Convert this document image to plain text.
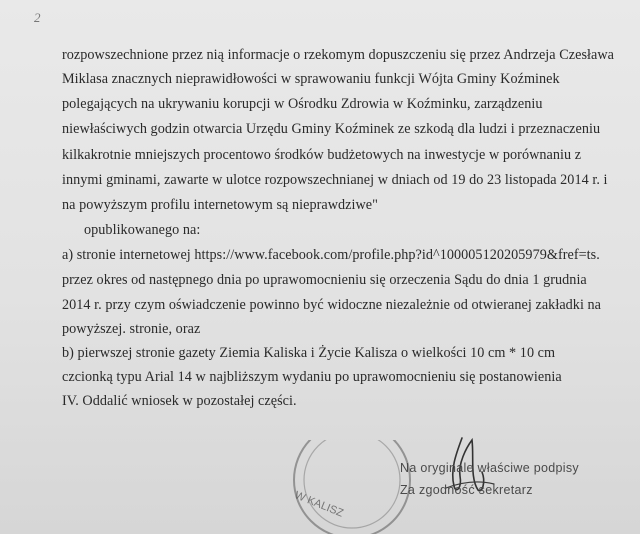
2
rozpowszechnione przez nią informacje o rzekomym dopuszczeniu się przez Andrzeja Czesława
Miklasa znacznych nieprawidłowości w sprawowaniu funkcji Wójta Gminy Koźminek
polegających na ukrywaniu korupcji w Ośrodku Zdrowia w Koźminku, zarządzeniu
niewłaściwych godzin otwarcia Urzędu Gminy Koźminek ze szkodą dla ludzi i przeznaczeniu
kilkakrotnie mniejszych procentowo środków budżetowych na inwestycje w porównaniu z
innymi gminami, zawarte w ulotce rozpowszechnianej w dniach od 19 do 23 listopada 2014 r. i
na powyższym profilu internetowym są nieprawdziwe"
opublikowanego na:
a) stronie internetowej https://www.facebook.com/profile.php?id^100005120205979&fref=ts.
przez okres od następnego dnia po uprawomocnieniu się orzeczenia Sądu do dnia 1 grudnia
2014 r. przy czym oświadczenie powinno być widoczne niezależnie od otwieranej zakładki na
powyższej. stronie, oraz
b) pierwszej stronie gazety Ziemia Kaliska i Życie Kalisza o wielkości 10 cm * 10 cm
czcionką typu Arial 14 w najbliższym wydaniu po uprawomocnieniu się postanowienia
IV. Oddalić wniosek w pozostałej części.
W KALISZ
Na oryginale właściwe podpisy
Za zgodność sekretarz
